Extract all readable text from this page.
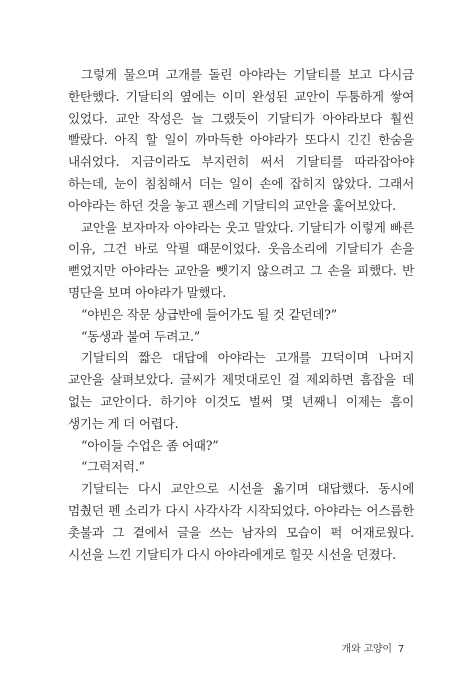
그렇게 물으며 고개를 돌린 아야라는 기달티를 보고 다시금 한탄했다. 기달티의 옆에는 이미 완성된 교안이 두툼하게 쌓여 있었다. 교안 작성은 늘 그랬듯이 기달티가 아야라보다 훨씬 빨랐다. 아직 할 일이 까마득한 아야라가 또다시 긴긴 한숨을 내쉬었다. 지금이라도 부지런히 써서 기달티를 따라잡아야 하는데, 눈이 침침해서 더는 일이 손에 잡히지 않았다. 그래서 아야라는 하던 것을 놓고 괜스레 기달티의 교안을 훑어보았다.

교안을 보자마자 아야라는 웃고 말았다. 기달티가 이렇게 빠른 이유, 그건 바로 악필 때문이었다. 웃음소리에 기달티가 손을 뻗었지만 아야라는 교안을 뺏기지 않으려고 그 손을 피했다. 반 명단을 보며 아야라가 말했다.

“야빈은 작문 상급반에 들어가도 될 것 같던데?”

“동생과 붙여 두려고.”

기달티의 짧은 대답에 아야라는 고개를 끄덕이며 나머지 교안을 살펴보았다. 글씨가 제멋대로인 걸 제외하면 흠잡을 데 없는 교안이다. 하기야 이것도 벌써 몇 년째니 이제는 흠이 생기는 게 더 어렵다.

“아이들 수업은 좀 어때?”

“그럭저럭.”

기달티는 다시 교안으로 시선을 옮기며 대답했다. 동시에 멈췄던 펜 소리가 다시 사각사각 시작되었다. 아야라는 어스름한 촛불과 그 곁에서 글을 쓰는 남자의 모습이 퍽 어재로웠다. 시선을 느낀 기달티가 다시 아야라에게로 힐끗 시선을 던졌다.

개와 고양이 7
